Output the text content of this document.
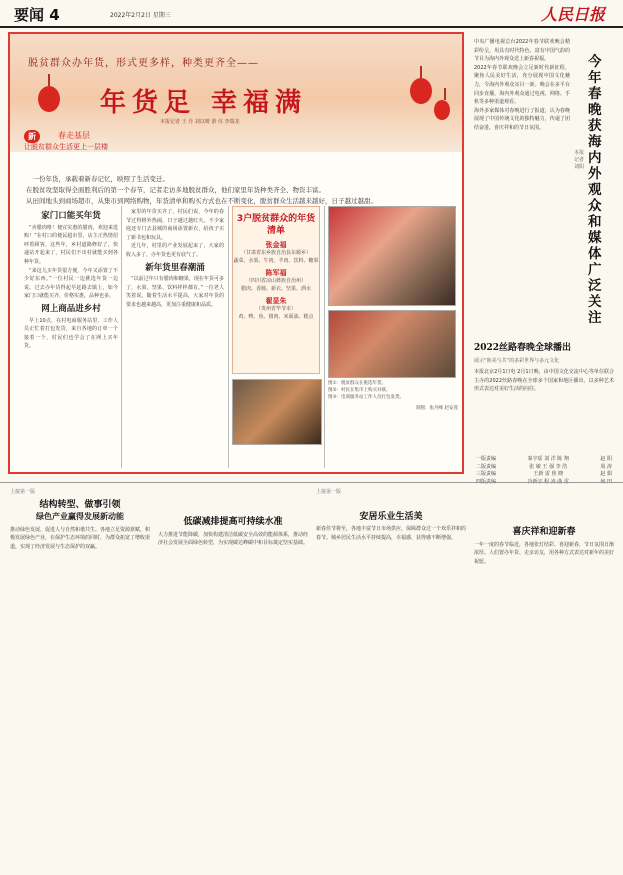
要闻 4	2022年2月2日 星期三	人民日报
脱贫群众办年货，形式更多样，种类更齐全——
年货足 幸福满
新	春走基层
让脱贫群众生活更上一层楼
本报记者 王 丹 刘以晴 游 仪 李瑞龙
一份年货，承载着新春记忆，映照了生活变迁。
在脱贫攻坚取得全面胜利后的第一个春节，记者走访多地脱贫群众，他们家里年货种类齐全、物资丰富。
从田间地头到商场超市，从集市到网络购物，年货清单和购买方式也在不断变化，脱贫群众生活越来越好，日子越过越甜。
家门口能买年货

“卖腊肉咯！便宜实惠的腊肉，欢迎来选购！”在村口的便民超市里，店主正热情招呼着顾客。这些年，乡村道路修好了，快递站开起来了，村民们不出村就能买到各种年货。

“来这儿买年货很方便，今年又添置了不少好东西。”一位村民一边挑选年货一边说。过去办年货得起早赶路去镇上，如今家门口就能买齐，价格实惠，品种也多。

网上商品进乡村

早上10点，在村电商服务站里，工作人员正忙着打包发货，来自各地的订单一个接着一个，村民们也学会了在网上买年货。

家里的年货买齐了，村民们说，今年的春节过得格外热闹，日子越过越红火。不少家庭还专门去县城的商场添置新衣，给孩子买了新书包和玩具。

近几年，村里的产业发展起来了，大家的收入多了，办年货也更有底气了。

新年货里春潮涌

“以前过年只有腊肉和糖果，现在年货可多了，水果、坚果、饮料样样都有。”一位老人笑着说。随着生活水平提高，大家对年货的要求也越来越高，更加注重健康和品质。

3户脱贫群众的年货清单
张金福
（甘肃省东乡族自治县东塬乡）
蔬菜、水果、牛肉、羊肉、饮料、糖果
陈军福
（四川省凉山彝族自治州）
腊肉、香肠、新衣、坚果、酒水
翟显朱
（贵州省毕节市）
鸡、鸭、鱼、猪肉、米面油、糕点
图①：脱贫群众在挑选年货。
图②：村民在集市上购买对联。
图③：电商服务站工作人员打包发货。
制图：张丹峰 赵安莲

中央广播电视总台2022年春节联欢晚会精彩纷呈，用具有时代特色、富有中国气韵的节目为海内外观众送上新春祝福。

2022年春节联欢晚会立足新时代新征程，聚焦人民美好生活，充分展现中国文化魅力，令海内外观众耳目一新。晚会在多平台同步直播，海内外观众通过电视、网络、手机等多种渠道观看。

海外多家媒体对春晚进行了报道，认为春晚展现了中国传统文化的独特魅力，传递了团结奋进、喜庆祥和的节日氛围。

今年春晚获海内外观众和媒体广泛关注
本报记者 刘阳
2022丝路春晚全球播出
展示“和美与共”的多彩世界与多元文化

本报北京2月1日电 2月1日晚，由中国文化交流中心等单位联合主办的2022丝路春晚在全球多个国家和地区播出，以多种艺术形式表达对美好生活的向往。

一版责编	秦宇瑶 刘 洋 陈 翔	赵 阳
二版责编	张 敏 王 强 李 浩	周 涛
三版责编	王新 雷 焦 晓	赵 娟
上接第一版
结构转型、做事引领
绿色产业赢得发展新动能

推动绿色发展，促进人与自然和谐共生。各地立足资源禀赋，积极发展绿色产业，在保护生态环境的同时，为群众拓宽了增收渠道，实现了经济发展与生态保护的双赢。

低碳减排提高可持续水准

大力推进节能降碳，加快构建清洁低碳安全高效的能源体系，推动经济社会发展全面绿色转型，为实现碳达峰碳中和目标奠定坚实基础。

上接第一版
安居乐业生活美

新春佳节将至，各地丰富节日市场供应，保障群众过一个欢乐祥和的春节。城乡居民生活水平持续提高，幸福感、获得感不断增强。

喜庆祥和迎新春

一年一度的春节临近，各地张灯结彩、喜迎新春，节日氛围日渐浓厚。人们置办年货、走亲访友，用各种方式表达对新年的美好祝愿。
